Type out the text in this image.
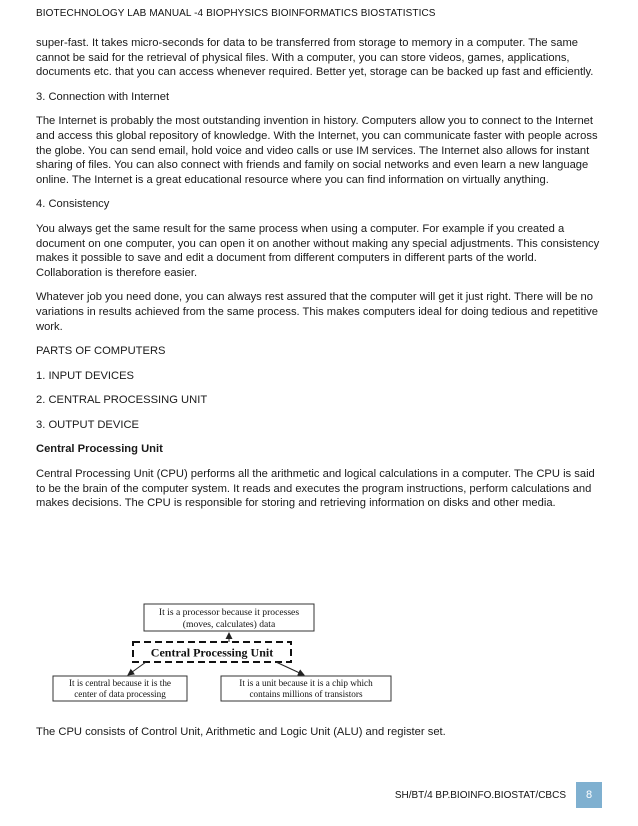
BIOTECHNOLOGY LAB MANUAL -4 BIOPHYSICS BIOINFORMATICS BIOSTATISTICS

super-fast. It takes micro-seconds for data to be transferred from storage to memory in a computer. The same cannot be said for the retrieval of physical files. With a computer, you can store videos, games, applications, documents etc. that you can access whenever required. Better yet, storage can be backed up fast and efficiently.

3. Connection with Internet

The Internet is probably the most outstanding invention in history. Computers allow you to connect to the Internet and access this global repository of knowledge. With the Internet, you can communicate faster with people across the globe. You can send email, hold voice and video calls or use IM services. The Internet also allows for instant sharing of files. You can also connect with friends and family on social networks and even learn a new language online. The Internet is a great educational resource where you can find information on virtually anything.

4. Consistency

You always get the same result for the same process when using a computer. For example if you created a document on one computer, you can open it on another without making any special adjustments. This consistency makes it possible to save and edit a document from different computers in different parts of the world. Collaboration is therefore easier.

Whatever job you need done, you can always rest assured that the computer will get it just right. There will be no variations in results achieved from the same process. This makes computers ideal for doing tedious and repetitive work.

PARTS OF COMPUTERS

1. INPUT DEVICES

2. CENTRAL PROCESSING UNIT

3. OUTPUT DEVICE

Central Processing Unit

Central Processing Unit (CPU) performs all the arithmetic and logical calculations in a computer. The CPU is said to be the brain of the computer system. It reads and executes the program instructions, perform calculations and makes decisions. The CPU is responsible for storing and retrieving information on disks and other media.

It is a processor because it processes
(moves, calculates) data
Central Processing Unit
It is central because it is the
center of data processing
It is a unit because it is a chip which
contains millions of transistors

The CPU consists of Control Unit, Arithmetic and Logic Unit (ALU) and register set.

SH/BT/4 BP.BIOINFO.BIOSTAT/CBCS	8
